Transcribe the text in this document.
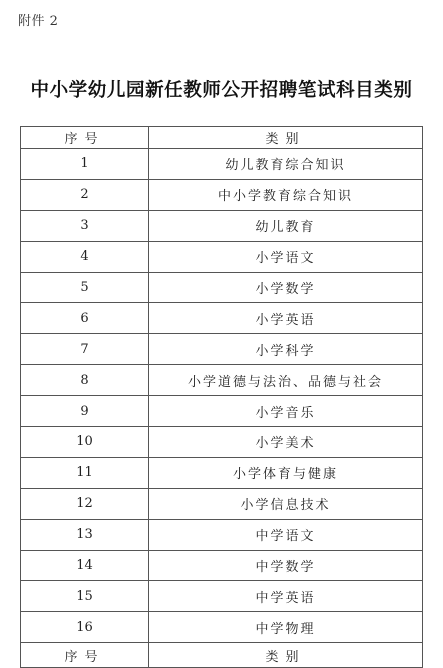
附件 2
中小学幼儿园新任教师公开招聘笔试科目类别
序号	类别
1	幼儿教育综合知识
2	中小学教育综合知识
3	幼儿教育
4	小学语文
5	小学数学
6	小学英语
7	小学科学
8	小学道德与法治、品德与社会
9	小学音乐
10	小学美术
11	小学体育与健康
12	小学信息技术
13	中学语文
14	中学数学
15	中学英语
16	中学物理
序号	类别
